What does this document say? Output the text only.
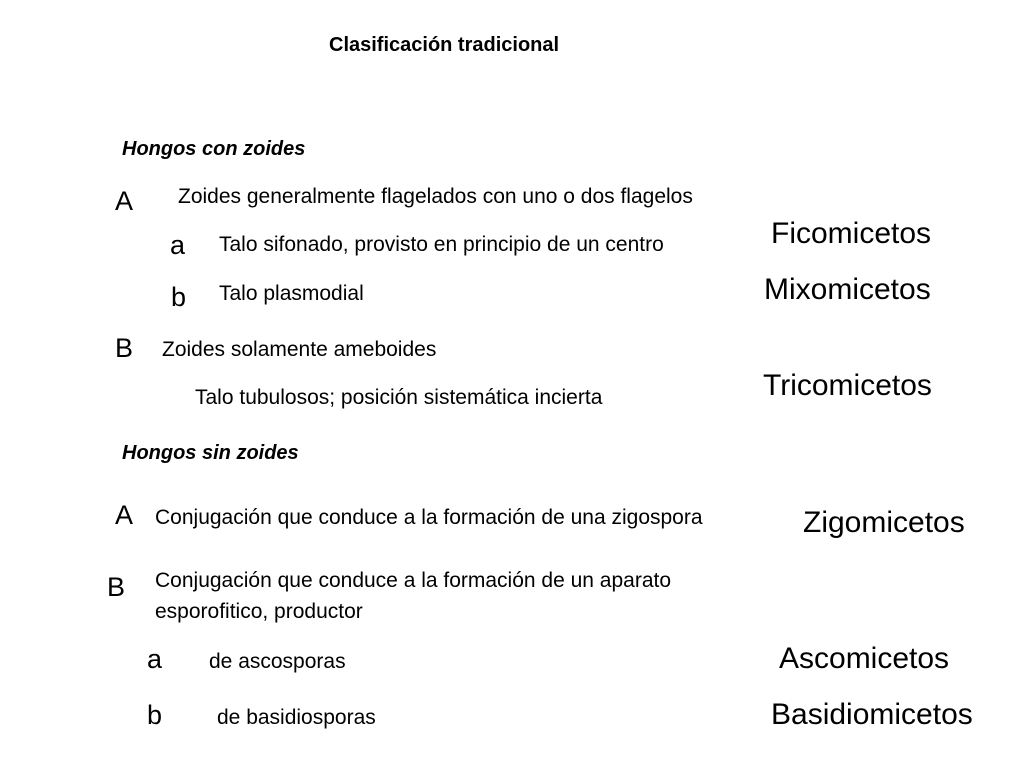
Clasificación tradicional
Hongos con zoides
A Zoides generalmente flagelados con uno o dos flagelos
a Talo sifonado, provisto en principio de un centro
b Talo plasmodial
B Zoides solamente ameboides
Talo tubulosos; posición sistemática incierta
Ficomicetos
Mixomicetos
Tricomicetos
Hongos sin zoides
A Conjugación que conduce a la formación de una zigospora
B Conjugación que conduce a la formación de un aparato
esporofitico, productor
a de ascosporas
b	de basidiosporas
Zigomicetos
Ascomicetos
Basidiomicetos
